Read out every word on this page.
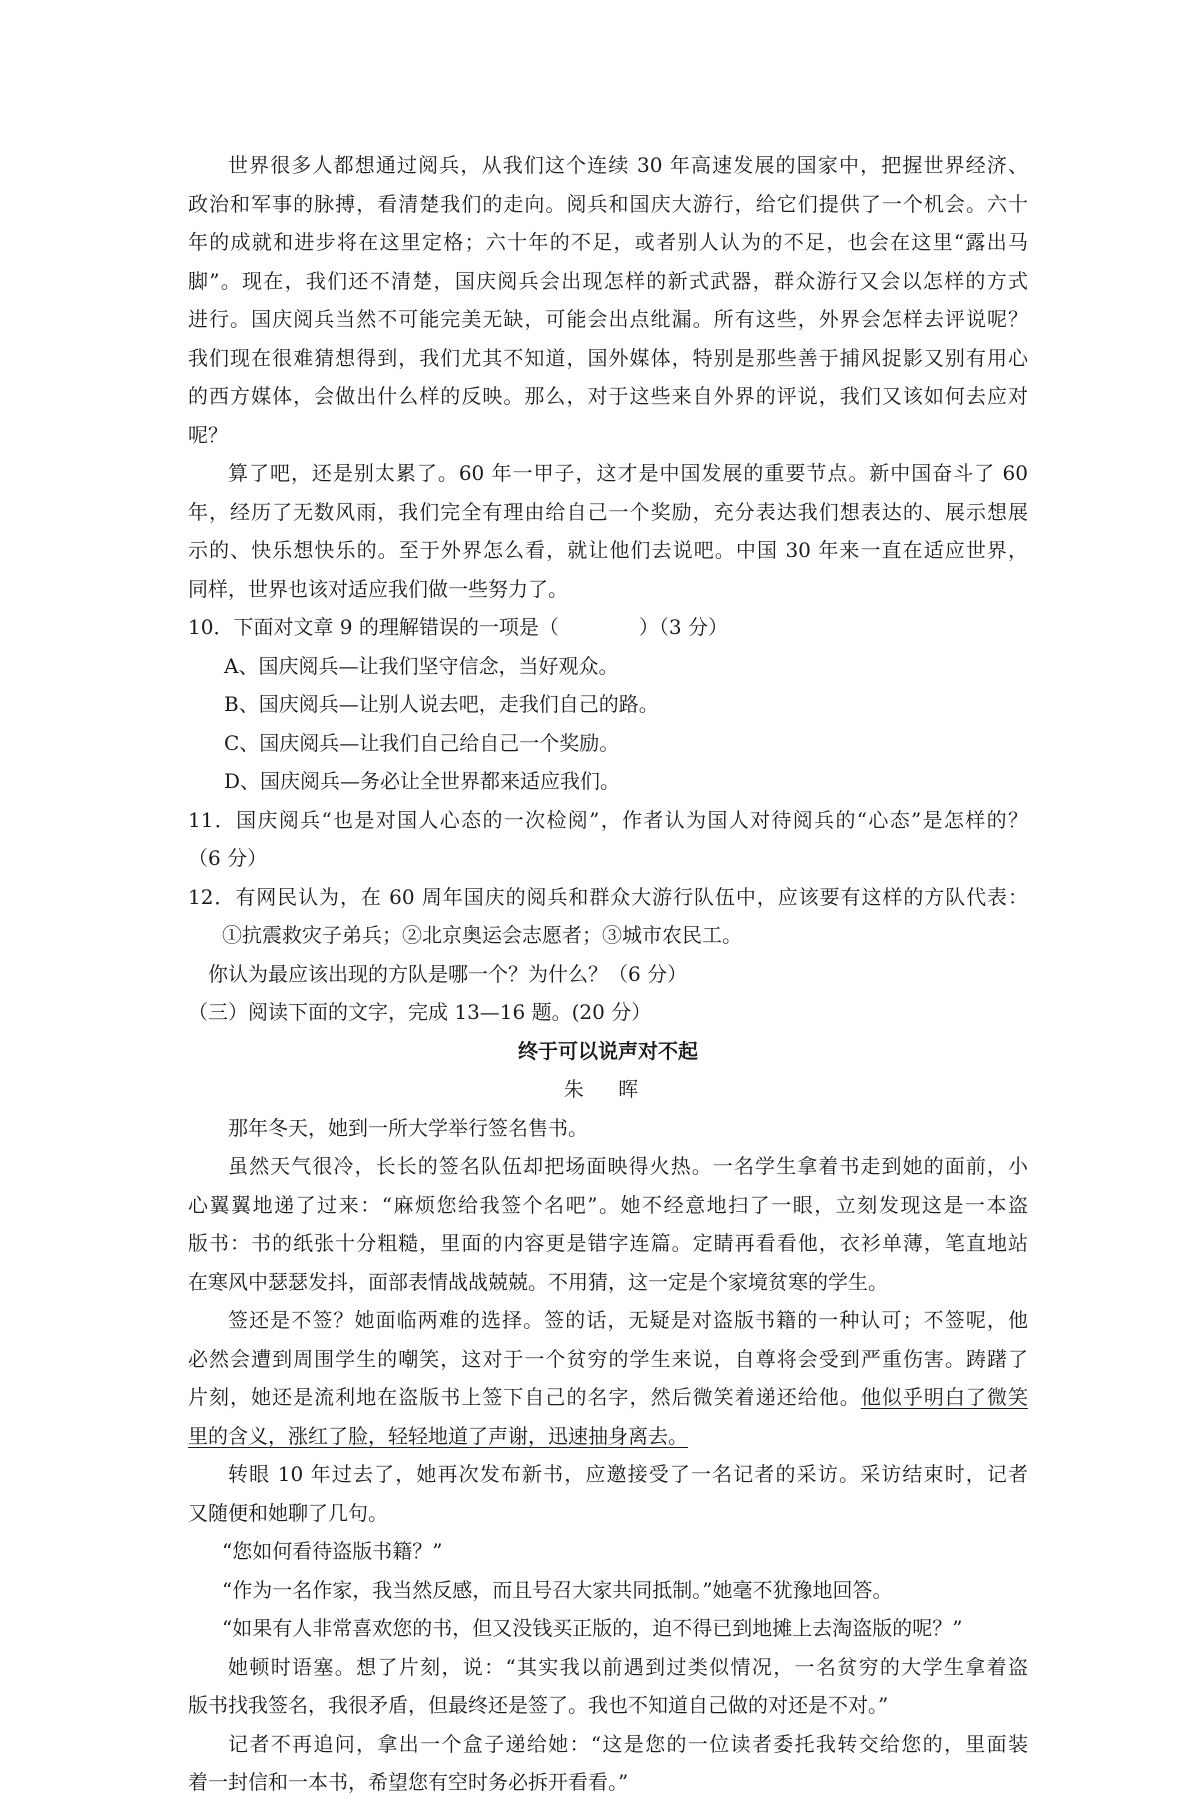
世界很多人都想通过阅兵，从我们这个连续 30 年高速发展的国家中，把握世界经济、
政治和军事的脉搏，看清楚我们的走向。阅兵和国庆大游行，给它们提供了一个机会。六十
年的成就和进步将在这里定格；六十年的不足，或者别人认为的不足，也会在这里“露出马
脚”。现在，我们还不清楚，国庆阅兵会出现怎样的新式武器，群众游行又会以怎样的方式
进行。国庆阅兵当然不可能完美无缺，可能会出点纰漏。所有这些，外界会怎样去评说呢？
我们现在很难猜想得到，我们尤其不知道，国外媒体，特别是那些善于捕风捉影又别有用心
的西方媒体，会做出什么样的反映。那么，对于这些来自外界的评说，我们又该如何去应对
呢？
算了吧，还是别太累了。60 年一甲子，这才是中国发展的重要节点。新中国奋斗了 60
年，经历了无数风雨，我们完全有理由给自己一个奖励，充分表达我们想表达的、展示想展
示的、快乐想快乐的。至于外界怎么看，就让他们去说吧。中国 30 年来一直在适应世界，
同样，世界也该对适应我们做一些努力了。
10．下面对文章 9 的理解错误的一项是（　　　　）（3 分）
A、国庆阅兵—让我们坚守信念，当好观众。
B、国庆阅兵—让别人说去吧，走我们自己的路。
C、国庆阅兵—让我们自己给自己一个奖励。
D、国庆阅兵—务必让全世界都来适应我们。
11．国庆阅兵“也是对国人心态的一次检阅”，作者认为国人对待阅兵的“心态”是怎样的？
（6 分）
12．有网民认为，在 60 周年国庆的阅兵和群众大游行队伍中，应该要有这样的方队代表：
①抗震救灾子弟兵；②北京奥运会志愿者；③城市农民工。
你认为最应该出现的方队是哪一个？为什么？（6 分）
（三）阅读下面的文字，完成 13—16 题。(20 分）
终于可以说声对不起
朱 晖
那年冬天，她到一所大学举行签名售书。
虽然天气很冷，长长的签名队伍却把场面映得火热。一名学生拿着书走到她的面前，小
心翼翼地递了过来：“麻烦您给我签个名吧”。她不经意地扫了一眼，立刻发现这是一本盗
版书：书的纸张十分粗糙，里面的内容更是错字连篇。定睛再看看他，衣衫单薄，笔直地站
在寒风中瑟瑟发抖，面部表情战战兢兢。不用猜，这一定是个家境贫寒的学生。
签还是不签？她面临两难的选择。签的话，无疑是对盗版书籍的一种认可；不签呢，他
必然会遭到周围学生的嘲笑，这对于一个贫穷的学生来说，自尊将会受到严重伤害。踌躇了
片刻，她还是流利地在盗版书上签下自己的名字，然后微笑着递还给他。他似乎明白了微笑
里的含义，涨红了脸，轻轻地道了声谢，迅速抽身离去。
转眼 10 年过去了，她再次发布新书，应邀接受了一名记者的采访。采访结束时，记者
又随便和她聊了几句。
“您如何看待盗版书籍？”
“作为一名作家，我当然反感，而且号召大家共同抵制。”她毫不犹豫地回答。
“如果有人非常喜欢您的书，但又没钱买正版的，迫不得已到地摊上去淘盗版的呢？”
她顿时语塞。想了片刻，说：“其实我以前遇到过类似情况，一名贫穷的大学生拿着盗
版书找我签名，我很矛盾，但最终还是签了。我也不知道自己做的对还是不对。”
记者不再追问，拿出一个盒子递给她：“这是您的一位读者委托我转交给您的，里面装
着一封信和一本书，希望您有空时务必拆开看看。”
